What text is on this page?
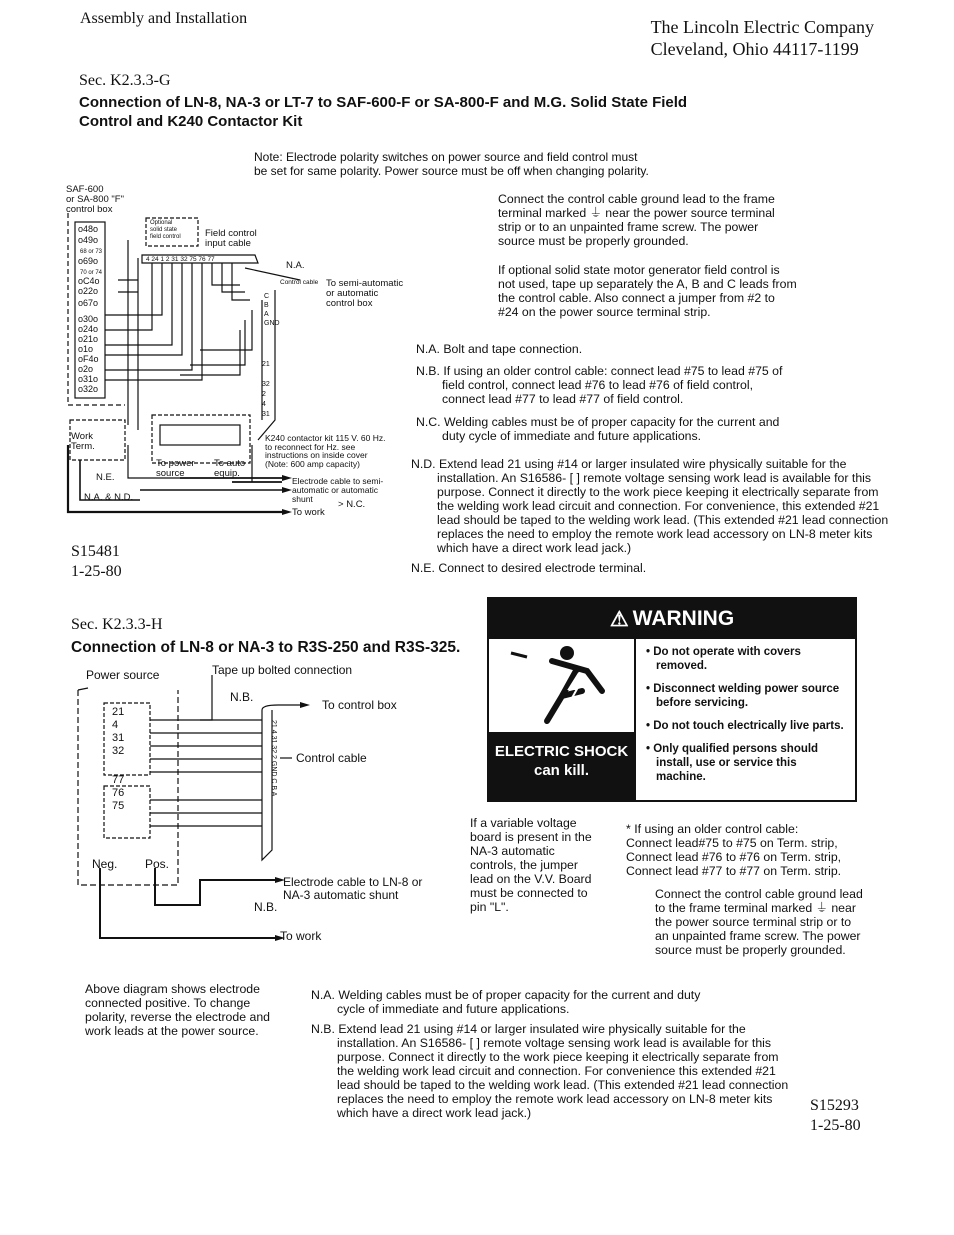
Assembly and Installation	The Lincoln Electric Company
Cleveland, Ohio 44117-1199
Sec. K2.3.3-G
Connection of LN-8, NA-3 or LT-7 to SAF-600-F or SA-800-F and M.G. Solid State Field
Control and K240 Contactor Kit
Note: Electrode polarity switches on power source and field control must
be set for same polarity. Power source must be off when changing polarity.
o48o
o49o
68 or 73
o69o
70 or 74
oC4o
o22o
o67o
o30o
o24o
o21o
o1o
oF4o
o2o
o31o
o32o
SAF-600
or SA-800 "F"
control box
Optional
solid state
field control	Field control
input cable
4 24 1 2 31 32 75 76 77
N.A.
Control cable To semi-automatic
or automatic
control box
C
B
A
GND
21
32
2
4
31
Work
Term.
K240 contactor kit 115 V. 60 Hz.
to reconnect for Hz. see
instructions on inside cover
(Note: 600 amp capacity)
To power
source
To auto
equip.
N.E.
N.A. & N.D.
Electrode cable to semi-
automatic or automatic
shunt	> N.C.
To work
Connect the control cable ground lead to the frame terminal marked ⏚ near the power source terminal strip or to an unpainted frame screw. The power source must be properly grounded.
If optional solid state motor generator field control is not used, tape up separately the A, B and C leads from the control cable. Also connect a jumper from #2 to #24 on the power source terminal strip.
N.A. Bolt and tape connection.
N.B. If using an older control cable: connect lead #75 to lead #75 of field control, connect lead #76 to lead #76 of field control, connect lead #77 to lead #77 of field control.
N.C. Welding cables must be of proper capacity for the current and duty cycle of immediate and future applications.
N.D. Extend lead 21 using #14 or larger insulated wire physically suitable for the installation. An S16586- [ ] remote voltage sensing work lead is available for this purpose. Connect it directly to the work piece keeping it electrically separate from the welding work lead circuit and connection. For convenience, this extended #21 lead should be taped to the welding work lead. (This extended #21 lead connection replaces the need to employ the remote work lead accessory on LN-8 meter kits which have a direct work lead jack.)
N.E. Connect to desired electrode terminal.
S15481
1-25-80
Sec. K2.3.3-H
Connection of LN-8 or NA-3 to R3S-250 and R3S-325.
21 4 31 32 2 GND C B A
Power source	Tape up bolted connection
N.B.
To control box
Control cable
21
4
31
32
77
76
75
Neg. Pos.
Electrode cable to LN-8 or
NA-3 automatic shunt
N.B.
To work
⚠ WARNING
ELECTRIC SHOCK
can kill.
• Do not operate with covers removed.
• Disconnect welding power source before servicing.
• Do not touch electrically live parts.
• Only qualified persons should install, use or service this machine.
If a variable voltage board is present in the NA-3 automatic controls, the jumper lead on the V.V. Board must be connected to pin "L".
* If using an older control cable:
Connect lead#75 to #75 on Term. strip,
Connect lead #76 to #76 on Term. strip,
Connect lead #77 to #77 on Term. strip.
Connect the control cable ground lead to the frame terminal marked ⏚ near the power source terminal strip or to an unpainted frame screw. The power source must be properly grounded.
Above diagram shows electrode connected positive. To change polarity, reverse the electrode and work leads at the power source.
N.A. Welding cables must be of proper capacity for the current and duty cycle of immediate and future applications.
N.B. Extend lead 21 using #14 or larger insulated wire physically suitable for the installation. An S16586- [ ] remote voltage sensing work lead is available for this purpose. Connect it directly to the work piece keeping it electrically separate from the welding work lead circuit and connection. For convenience this extended #21 lead should be taped to the welding work lead. (This extended #21 lead connection replaces the need to employ the remote work lead accessory on LN-8 meter kits which have a direct work lead jack.)	S15293
1-25-80
